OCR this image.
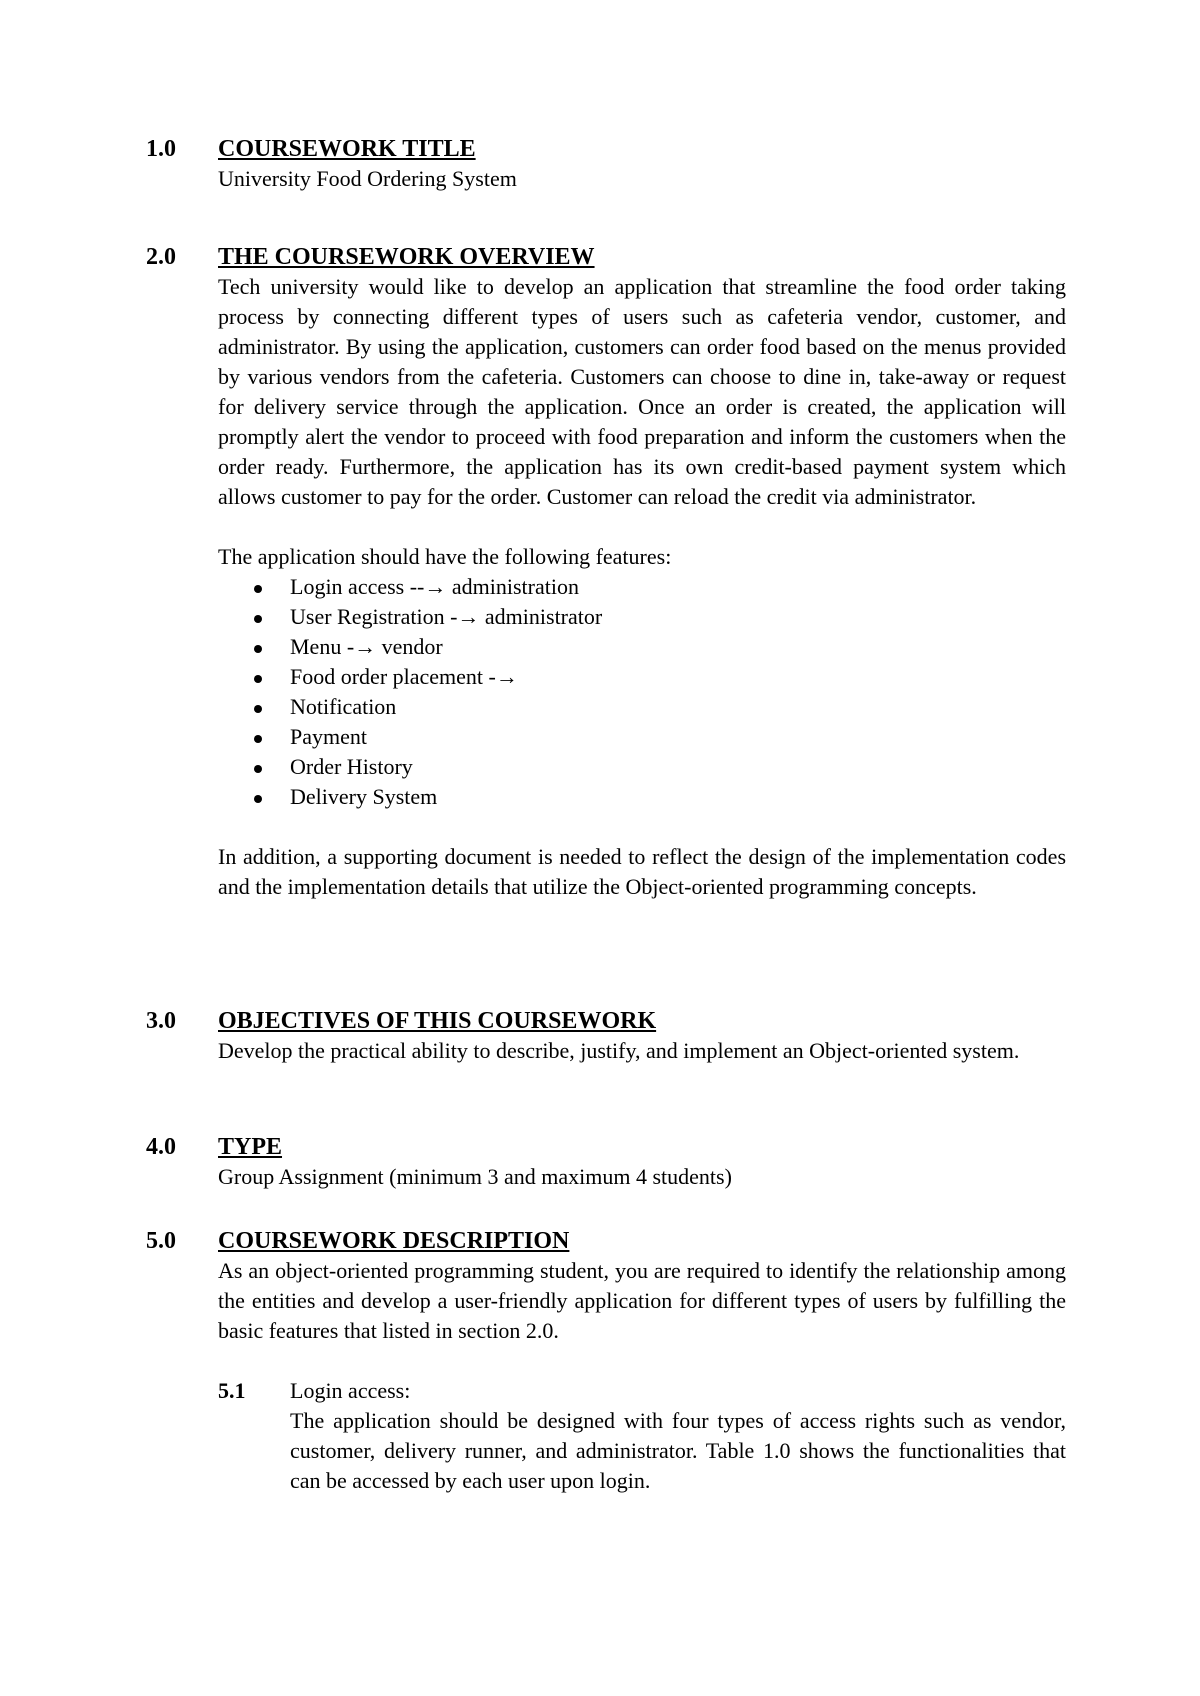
1.0	COURSEWORK TITLE
University Food Ordering System
2.0	THE COURSEWORK OVERVIEW

Tech university would like to develop an application that streamline the food order taking process by connecting different types of users such as cafeteria vendor, customer, and administrator. By using the application, customers can order food based on the menus provided by various vendors from the cafeteria. Customers can choose to dine in, take-away or request for delivery service through the application. Once an order is created, the application will promptly alert the vendor to proceed with food preparation and inform the customers when the order ready. Furthermore, the application has its own credit-based payment system which allows customer to pay for the order. Customer can reload the credit via administrator.

The application should have the following features:

Login access --→ administration
User Registration -→ administrator
Menu -→ vendor
Food order placement -→
Notification
Payment
Order History
Delivery System

In addition, a supporting document is needed to reflect the design of the implementation codes and the implementation details that utilize the Object-oriented programming concepts.

3.0	OBJECTIVES OF THIS COURSEWORK
Develop the practical ability to describe, justify, and implement an Object-oriented system.
4.0	TYPE
Group Assignment (minimum 3 and maximum 4 students)
5.0	COURSEWORK DESCRIPTION

As an object-oriented programming student, you are required to identify the relationship among the entities and develop a user-friendly application for different types of users by fulfilling the basic features that listed in section 2.0.

5.1	Login access:
The application should be designed with four types of access rights such as vendor, customer, delivery runner, and administrator. Table 1.0 shows the functionalities that can be accessed by each user upon login.
